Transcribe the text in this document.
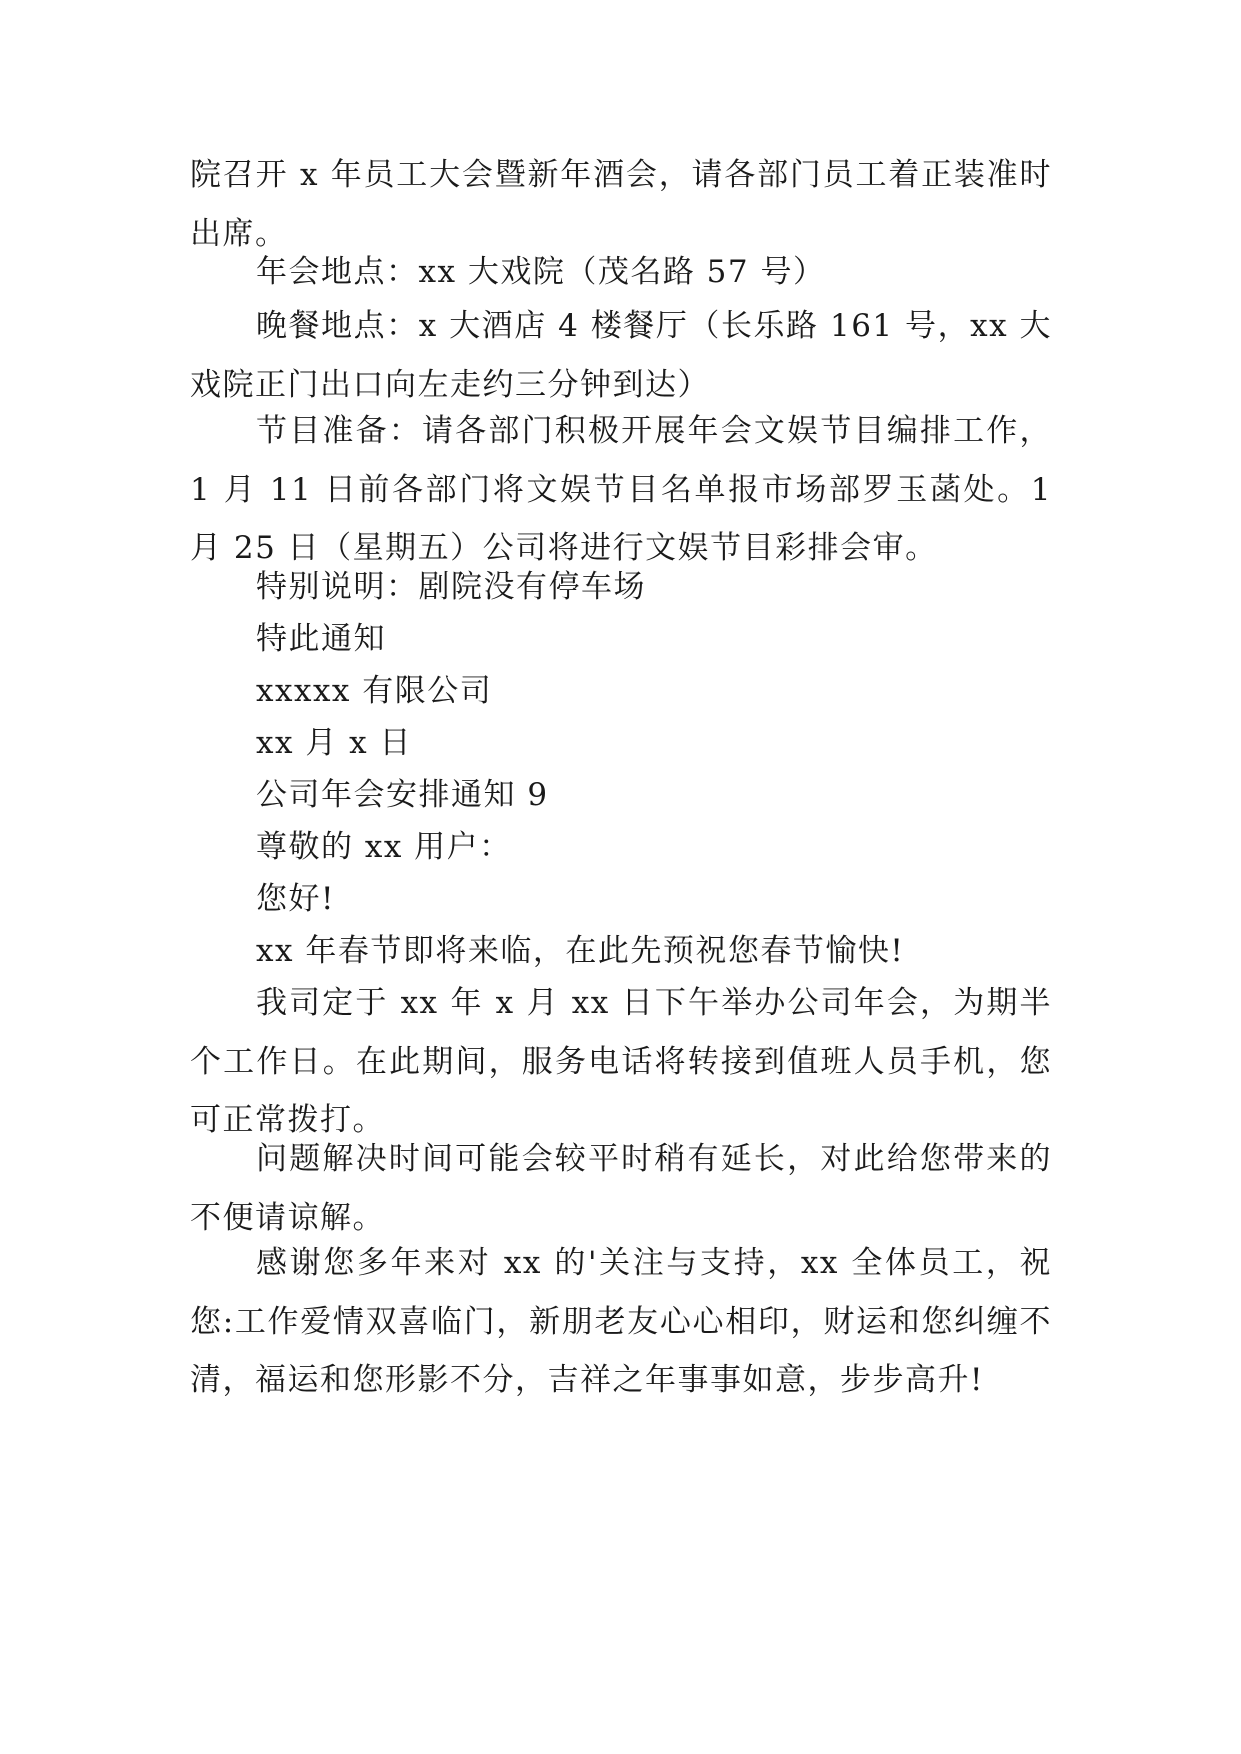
院召开 x 年员工大会暨新年酒会，请各部门员工着正装准时出席。

年会地点：xx 大戏院（茂名路 57 号）

晚餐地点：x 大酒店 4 楼餐厅（长乐路 161 号，xx 大戏院正门出口向左走约三分钟到达）

节目准备：请各部门积极开展年会文娱节目编排工作，1 月 11 日前各部门将文娱节目名单报市场部罗玉菡处。1 月 25 日（星期五）公司将进行文娱节目彩排会审。

特别说明：剧院没有停车场

特此通知

xxxxx 有限公司

xx 月 x 日

公司年会安排通知 9

尊敬的 xx 用户：

您好!

xx 年春节即将来临，在此先预祝您春节愉快!

我司定于 xx 年 x 月 xx 日下午举办公司年会，为期半个工作日。在此期间，服务电话将转接到值班人员手机，您可正常拨打。

问题解决时间可能会较平时稍有延长，对此给您带来的不便请谅解。

感谢您多年来对 xx 的'关注与支持，xx 全体员工，祝您:工作爱情双喜临门，新朋老友心心相印，财运和您纠缠不清，福运和您形影不分，吉祥之年事事如意，步步高升!
